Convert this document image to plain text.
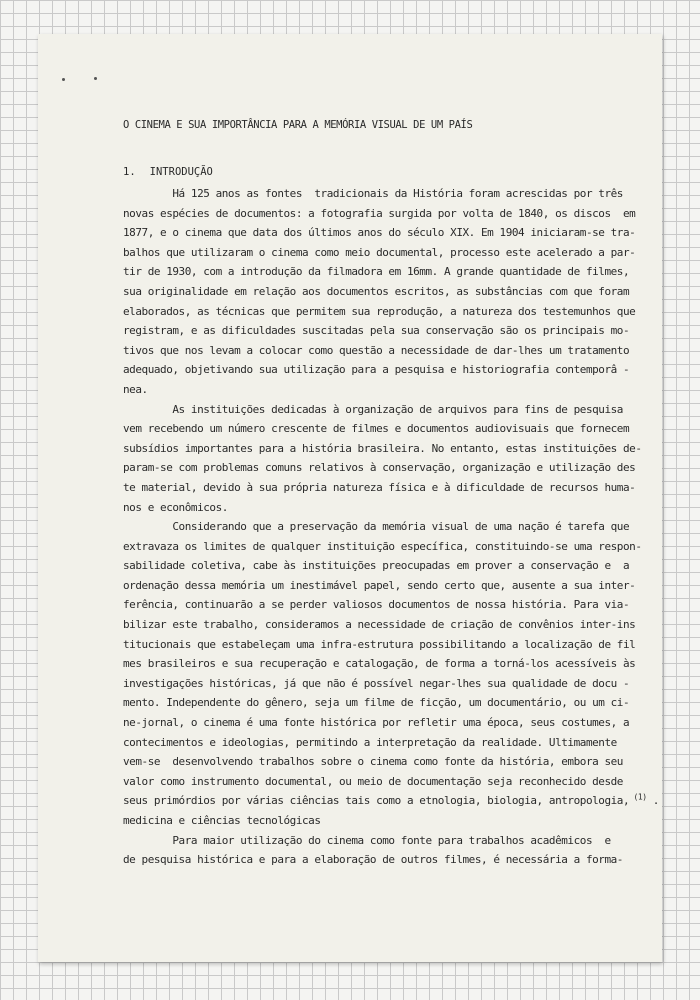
O CINEMA E SUA IMPORTÂNCIA PARA A MEMÓRIA VISUAL DE UM PAÍS
1. INTRODUÇÃO
Há 125 anos as fontes  tradicionais da História foram acrescidas por três
novas espécies de documentos: a fotografia surgida por volta de 1840, os discos  em
1877, e o cinema que data dos últimos anos do século XIX. Em 1904 iniciaram-se tra-
balhos que utilizaram o cinema como meio documental, processo este acelerado a par-
tir de 1930, com a introdução da filmadora em 16mm. A grande quantidade de filmes,
sua originalidade em relação aos documentos escritos, as substâncias com que foram
elaborados, as técnicas que permitem sua reprodução, a natureza dos testemunhos que
registram, e as dificuldades suscitadas pela sua conservação são os principais mo-
tivos que nos levam a colocar como questão a necessidade de dar-lhes um tratamento
adequado, objetivando sua utilização para a pesquisa e historiografia contemporâ -
nea.
As instituições dedicadas à organização de arquivos para fins de pesquisa
vem recebendo um número crescente de filmes e documentos audiovisuais que fornecem
subsídios importantes para a história brasileira. No entanto, estas instituições de-
param-se com problemas comuns relativos à conservação, organização e utilização des
te material, devido à sua própria natureza física e à dificuldade de recursos huma-
nos e econômicos.
Considerando que a preservação da memória visual de uma nação é tarefa que
extravaza os limites de qualquer instituição específica, constituindo-se uma respon-
sabilidade coletiva, cabe às instituições preocupadas em prover a conservação e  a
ordenação dessa memória um inestimável papel, sendo certo que, ausente a sua inter-
ferência, continuarão a se perder valiosos documentos de nossa história. Para via-
bilizar este trabalho, consideramos a necessidade de criação de convênios inter-ins
titucionais que estabeleçam uma infra-estrutura possibilitando a localização de fil
mes brasileiros e sua recuperação e catalogação, de forma a torná-los acessíveis às
investigações históricas, já que não é possível negar-lhes sua qualidade de docu -
mento. Independente do gênero, seja um filme de ficção, um documentário, ou um ci-
ne-jornal, o cinema é uma fonte histórica por refletir uma época, seus costumes, a
contecimentos e ideologias, permitindo a interpretação da realidade. Ultimamente
vem-se  desenvolvendo trabalhos sobre o cinema como fonte da história, embora seu
valor como instrumento documental, ou meio de documentação seja reconhecido desde
seus primórdios por várias ciências tais como a etnologia, biologia, antropologia, $^{(1)}$ .
medicina e ciências tecnológicas
Para maior utilização do cinema como fonte para trabalhos acadêmicos  e
de pesquisa histórica e para a elaboração de outros filmes, é necessária a forma-
